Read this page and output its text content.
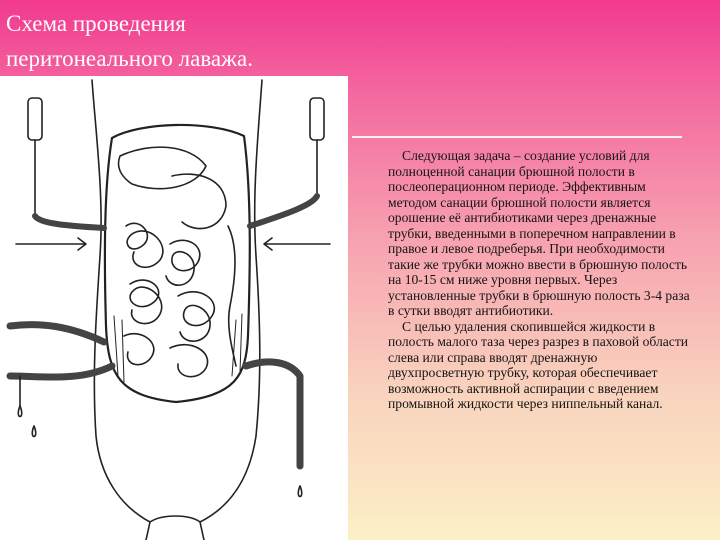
Схема проведения
перитонеального лаважа.

Следующая задача – создание условий для полноценной санации брюшной полости в послеоперационном периоде. Эффективным методом санации брюшной полости является орошение её антибиотиками через дренажные трубки, введенными в поперечном направлении в правое и левое подреберья. При необходимости такие же трубки можно ввести в брюшную полость на 10-15 см ниже уровня первых. Через установленные трубки в брюшную полость 3-4 раза в сутки вводят антибиотики.

С целью удаления скопившейся жидкости в полость малого таза через разрез в паховой области слева или справа вводят дренажную двухпросветную трубку, которая обеспечивает возможность активной аспирации с введением промывной жидкости через ниппельный канал.
